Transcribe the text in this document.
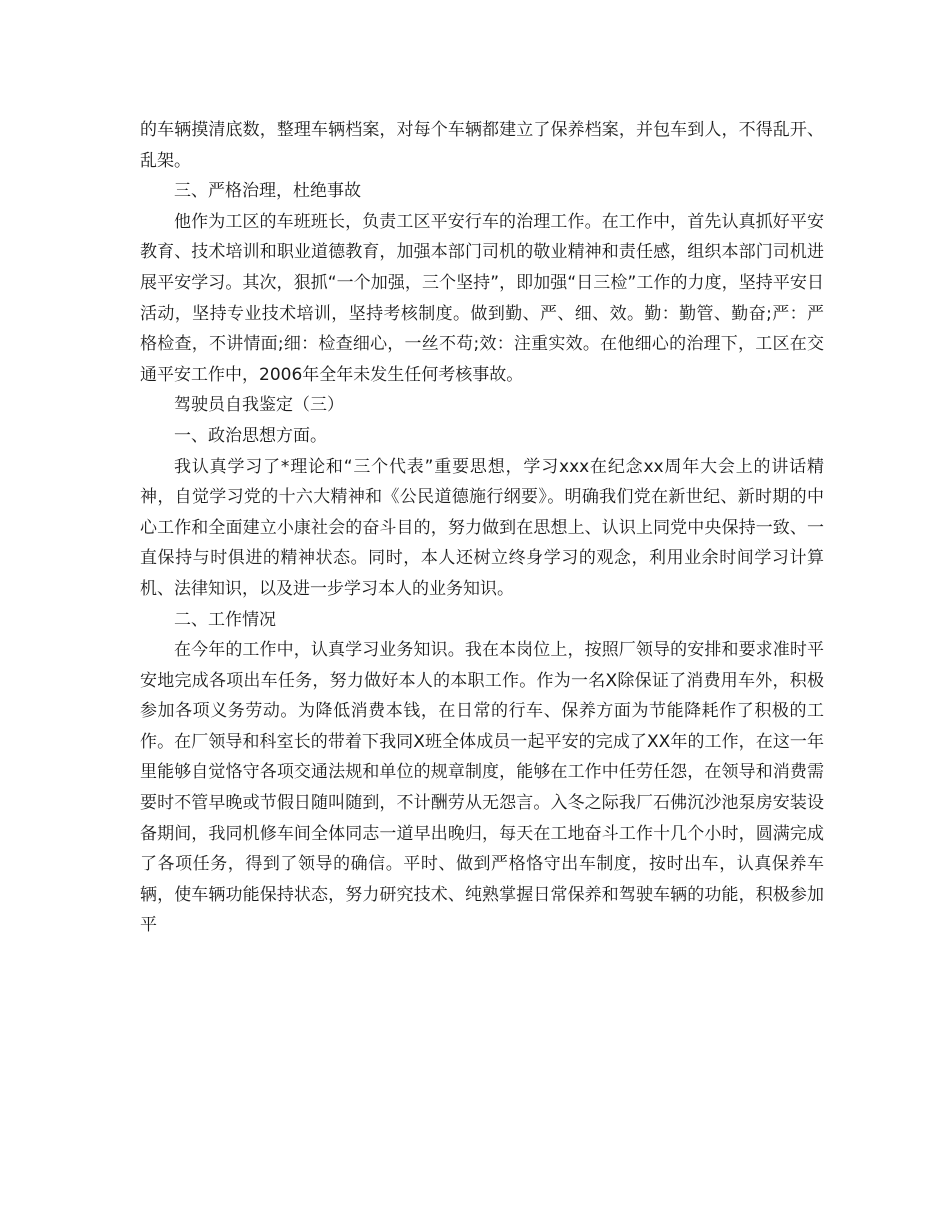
的车辆摸清底数，整理车辆档案，对每个车辆都建立了保养档案，并包车到人，不得乱开、乱架。

三、严格治理，杜绝事故

他作为工区的车班班长，负责工区平安行车的治理工作。在工作中，首先认真抓好平安教育、技术培训和职业道德教育，加强本部门司机的敬业精神和责任感，组织本部门司机进展平安学习。其次，狠抓“一个加强，三个坚持”，即加强“日三检”工作的力度，坚持平安日活动，坚持专业技术培训，坚持考核制度。做到勤、严、细、效。勤：勤管、勤奋;严：严格检查，不讲情面;细：检查细心，一丝不苟;效：注重实效。在他细心的治理下，工区在交通平安工作中，2006年全年未发生任何考核事故。

驾驶员自我鉴定（三）

一、政治思想方面。

我认真学习了*理论和“三个代表”重要思想，学习xxx在纪念xx周年大会上的讲话精神，自觉学习党的十六大精神和《公民道德施行纲要》。明确我们党在新世纪、新时期的中心工作和全面建立小康社会的奋斗目的，努力做到在思想上、认识上同党中央保持一致、一直保持与时俱进的精神状态。同时，本人还树立终身学习的观念，利用业余时间学习计算机、法律知识，以及进一步学习本人的业务知识。

二、工作情况

在今年的工作中，认真学习业务知识。我在本岗位上，按照厂领导的安排和要求准时平安地完成各项出车任务，努力做好本人的本职工作。作为一名X除保证了消费用车外，积极参加各项义务劳动。为降低消费本钱，在日常的行车、保养方面为节能降耗作了积极的工作。在厂领导和科室长的带着下我同X班全体成员一起平安的完成了XX年的工作，在这一年里能够自觉恪守各项交通法规和单位的规章制度，能够在工作中任劳任怨，在领导和消费需要时不管早晚或节假日随叫随到，不计酬劳从无怨言。入冬之际我厂石佛沉沙池泵房安装设备期间，我同机修车间全体同志一道早出晚归，每天在工地奋斗工作十几个小时，圆满完成了各项任务，得到了领导的确信。平时、做到严格恪守出车制度，按时出车，认真保养车辆，使车辆功能保持状态，努力研究技术、纯熟掌握日常保养和驾驶车辆的功能，积极参加平
